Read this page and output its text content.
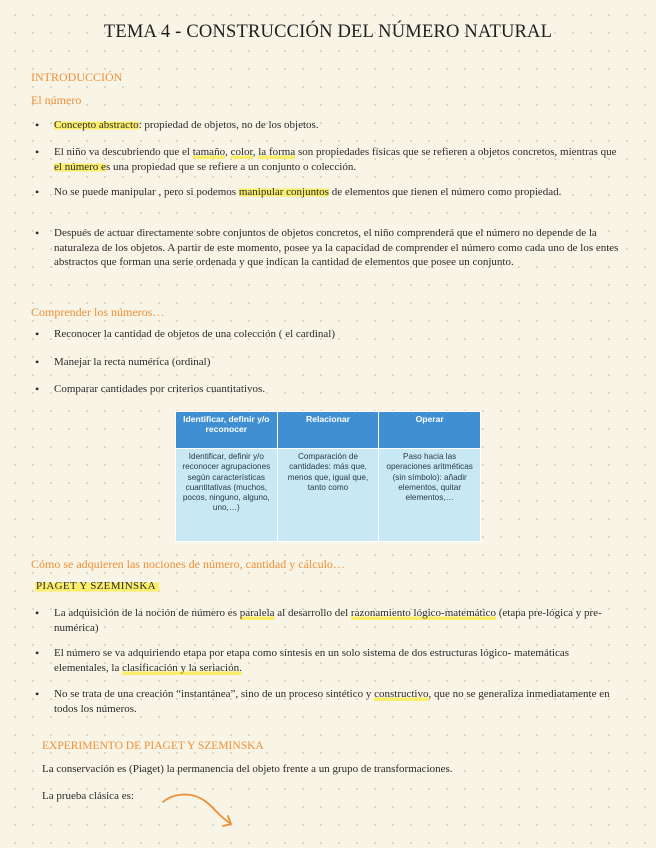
TEMA 4 - CONSTRUCCIÓN DEL NÚMERO NATURAL
INTRODUCCIÓN
El número
• Concepto abstracto: propiedad de objetos, no de los objetos.
• El niño va descubriendo que el tamaño, color, la forma son propiedades físicas que se refieren a objetos concretos, mientras que el número es una propiedad que se refiere a un conjunto o colección.
• No se puede manipular , pero si podemos manipular conjuntos de elementos que tienen el número como propiedad.
• Después de actuar directamente sobre conjuntos de objetos concretos, el niño comprenderá que el número no depende de la naturaleza de los objetos. A partir de este momento, posee ya la capacidad de comprender el número como cada uno de los entes abstractos que forman una serie ordenada y que indican la cantidad de elementos que posee un conjunto.
Comprender los números…
• Reconocer la cantidad de objetos de una colección ( el cardinal)
• Manejar la recta numérica (ordinal)
• Comparar cantidades por criterios cuantitativos.
Identificar, definir y/o reconocer	Relacionar	Operar
Identificar, definir y/o reconocer agrupaciones según características cuantitativas (muchos, pocos, ninguno, alguno, uno,…)	Comparación de cantidades: más que, menos que, igual que, tanto como	Paso hacia las operaciones aritméticas (sin símbolo): añadir elementos, quitar elementos,…
Cómo se adquieren las nociones de número, cantidad y cálculo…
PIAGET Y SZEMINSKA
• La adquisición de la noción de número es paralela al desarrollo del razonamiento lógico-matemático (etapa pre-lógica y pre-numérica)
• El número se va adquiriendo etapa por etapa como síntesis en un solo sistema de dos estructuras lógico- matemáticas elementales, la clasificación y la seriación.
• No se trata de una creación “instantánea”, sino de un proceso sintético y constructivo, que no se generaliza inmediatamente en todos los números.
EXPERIMENTO DE PIAGET Y SZEMINSKA
La conservación es (Piaget) la permanencia del objeto frente a un grupo de transformaciones.
La prueba clásica es:
